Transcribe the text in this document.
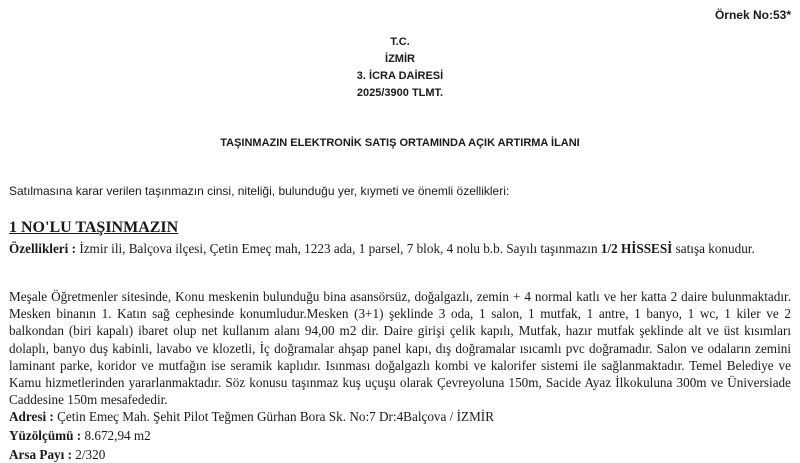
Örnek No:53*
T.C.
İZMİR
3. İCRA DAİRESİ
2025/3900 TLMT.
TAŞINMAZIN ELEKTRONİK SATIŞ ORTAMINDA AÇIK ARTIRMA İLANI
Satılmasına karar verilen taşınmazın cinsi, niteliği, bulunduğu yer, kıymeti ve önemli özellikleri:
1 NO'LU TAŞINMAZIN
Özellikleri : İzmir ili, Balçova ilçesi, Çetin Emeç mah, 1223 ada, 1 parsel, 7 blok, 4 nolu b.b. Sayılı taşınmazın 1/2 HİSSESİ satışa konudur.
Meşale Öğretmenler sitesinde, Konu meskenin bulunduğu bina asansörsüz, doğalgazlı, zemin + 4 normal katlı ve her katta 2 daire bulunmaktadır. Mesken binanın 1. Katın sağ cephesinde konumludur.Mesken (3+1) şeklinde 3 oda, 1 salon, 1 mutfak, 1 antre, 1 banyo, 1 wc, 1 kiler ve 2 balkondan (biri kapalı) ibaret olup net kullanım alanı 94,00 m2 dir. Daire girişi çelik kapılı, Mutfak, hazır mutfak şeklinde alt ve üst kısımları dolaplı, banyo duş kabinli, lavabo ve klozetli, İç doğramalar ahşap panel kapı, dış doğramalar ısıcamlı pvc doğramadır. Salon ve odaların zemini laminant parke, koridor ve mutfağın ise seramik kaplıdır. Isınması doğalgazlı kombi ve kalorifer sistemi ile sağlanmaktadır. Temel Belediye ve Kamu hizmetlerinden yararlanmaktadır. Söz konusu taşınmaz kuş uçuşu olarak Çevreyoluna 150m, Sacide Ayaz İlkokuluna 300m ve Üniversiade Caddesine 150m mesafededir.
Adresi : Çetin Emeç Mah. Şehit Pilot Teğmen Gürhan Bora Sk. No:7 Dr:4Balçova / İZMİR
Yüzölçümü : 8.672,94 m2
Arsa Payı : 2/320
